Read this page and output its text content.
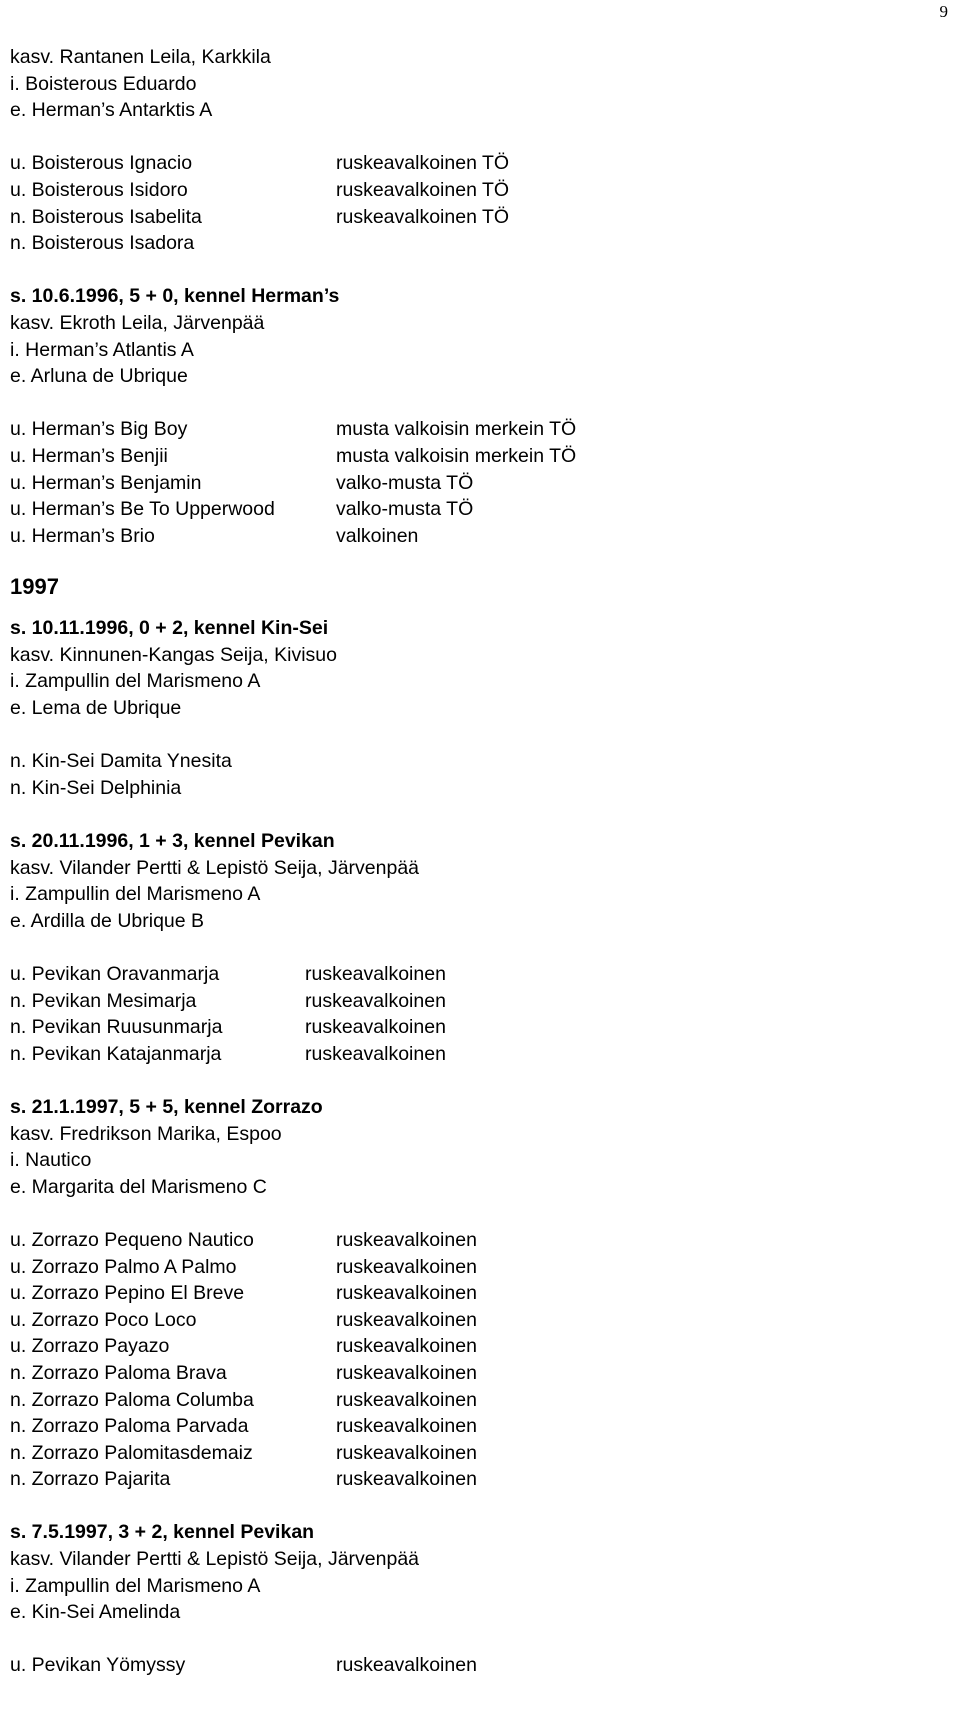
9
kasv. Rantanen Leila, Karkkila
i. Boisterous Eduardo
e. Herman’s Antarktis A
u. Boisterous Ignacio	ruskeavalkoinen TÖ
u. Boisterous Isidoro	ruskeavalkoinen TÖ
n. Boisterous Isabelita	ruskeavalkoinen TÖ
n. Boisterous Isadora
s. 10.6.1996, 5 + 0, kennel Herman’s
kasv. Ekroth Leila, Järvenpää
i. Herman’s Atlantis A
e. Arluna de Ubrique
u. Herman’s Big Boy	musta valkoisin merkein TÖ
u. Herman’s Benjii	musta valkoisin merkein TÖ
u. Herman’s Benjamin	valko-musta TÖ
u. Herman’s Be To Upperwood	valko-musta TÖ
u. Herman’s Brio	valkoinen
1997
s. 10.11.1996, 0 + 2, kennel Kin-Sei
kasv. Kinnunen-Kangas Seija, Kivisuo
i. Zampullin del Marismeno A
e. Lema de Ubrique
n. Kin-Sei Damita Ynesita
n. Kin-Sei Delphinia
s. 20.11.1996, 1 + 3, kennel Pevikan
kasv. Vilander Pertti & Lepistö Seija, Järvenpää
i. Zampullin del Marismeno A
e. Ardilla de Ubrique B
u. Pevikan Oravanmarja	ruskeavalkoinen
n. Pevikan Mesimarja	ruskeavalkoinen
n. Pevikan Ruusunmarja	ruskeavalkoinen
n. Pevikan Katajanmarja	ruskeavalkoinen
s. 21.1.1997, 5 + 5, kennel Zorrazo
kasv. Fredrikson Marika, Espoo
i. Nautico
e. Margarita del Marismeno C
u. Zorrazo Pequeno Nautico	ruskeavalkoinen
u. Zorrazo Palmo A Palmo	ruskeavalkoinen
u. Zorrazo Pepino El Breve	ruskeavalkoinen
u. Zorrazo Poco Loco	ruskeavalkoinen
u. Zorrazo Payazo	ruskeavalkoinen
n. Zorrazo Paloma Brava	ruskeavalkoinen
n. Zorrazo Paloma Columba	ruskeavalkoinen
n. Zorrazo Paloma Parvada	ruskeavalkoinen
n. Zorrazo Palomitasdemaiz	ruskeavalkoinen
n. Zorrazo Pajarita	ruskeavalkoinen
s. 7.5.1997, 3 + 2, kennel Pevikan
kasv. Vilander Pertti & Lepistö Seija, Järvenpää
i. Zampullin del Marismeno A
e. Kin-Sei Amelinda
u. Pevikan Yömyssy	ruskeavalkoinen
